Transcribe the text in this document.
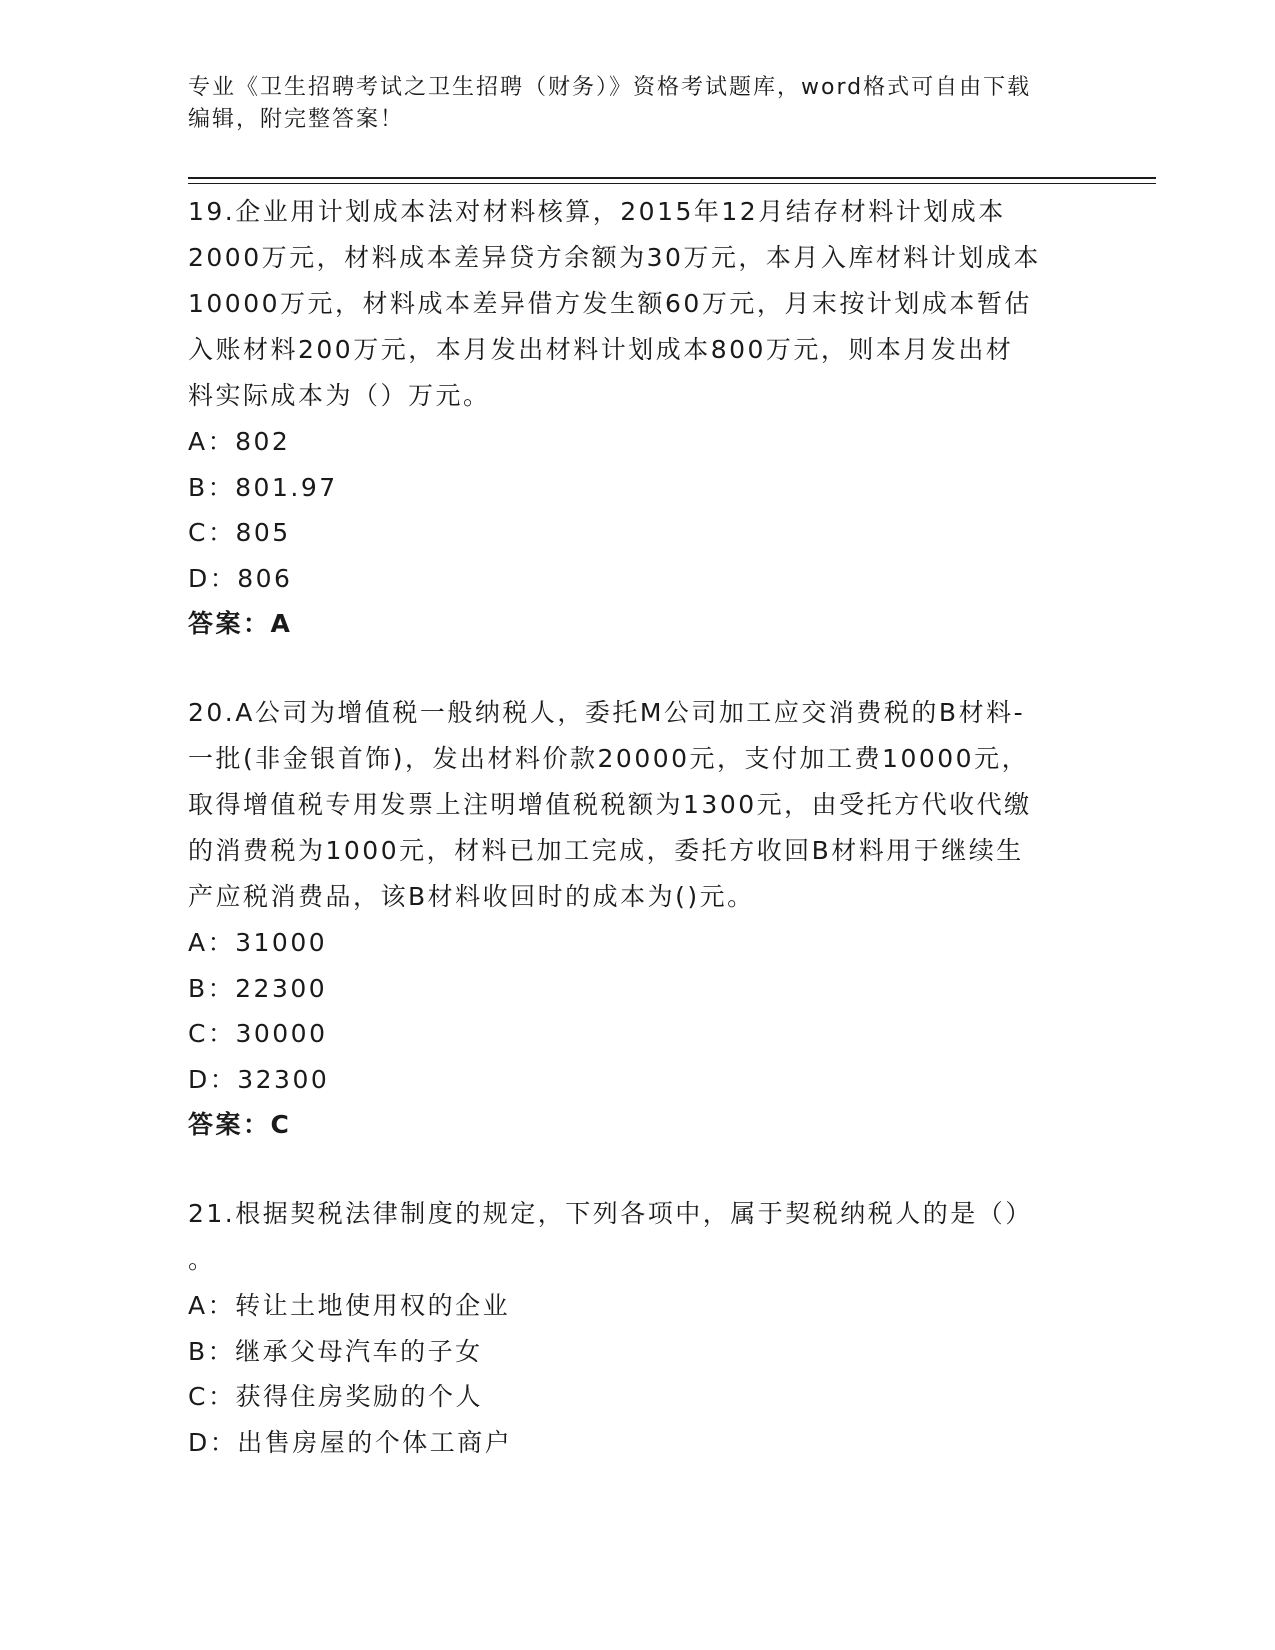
专业《卫生招聘考试之卫生招聘（财务）》资格考试题库，word格式可自由下载
编辑，附完整答案！
19.企业用计划成本法对材料核算，2015年12月结存材料计划成本
2000万元，材料成本差异贷方余额为30万元，本月入库材料计划成本
10000万元，材料成本差异借方发生额60万元，月末按计划成本暂估
入账材料200万元，本月发出材料计划成本800万元，则本月发出材
料实际成本为（）万元。
A：802
B：801.97
C：805
D：806
答案：A
20.A公司为增值税一般纳税人，委托M公司加工应交消费税的B材料-
一批(非金银首饰)，发出材料价款20000元，支付加工费10000元，
取得增值税专用发票上注明增值税税额为1300元，由受托方代收代缴
的消费税为1000元，材料已加工完成，委托方收回B材料用于继续生
产应税消费品，该B材料收回时的成本为()元。
A：31000
B：22300
C：30000
D：32300
答案：C
21.根据契税法律制度的规定，下列各项中，属于契税纳税人的是（）
。
A：转让土地使用权的企业
B：继承父母汽车的子女
C：获得住房奖励的个人
D：出售房屋的个体工商户
